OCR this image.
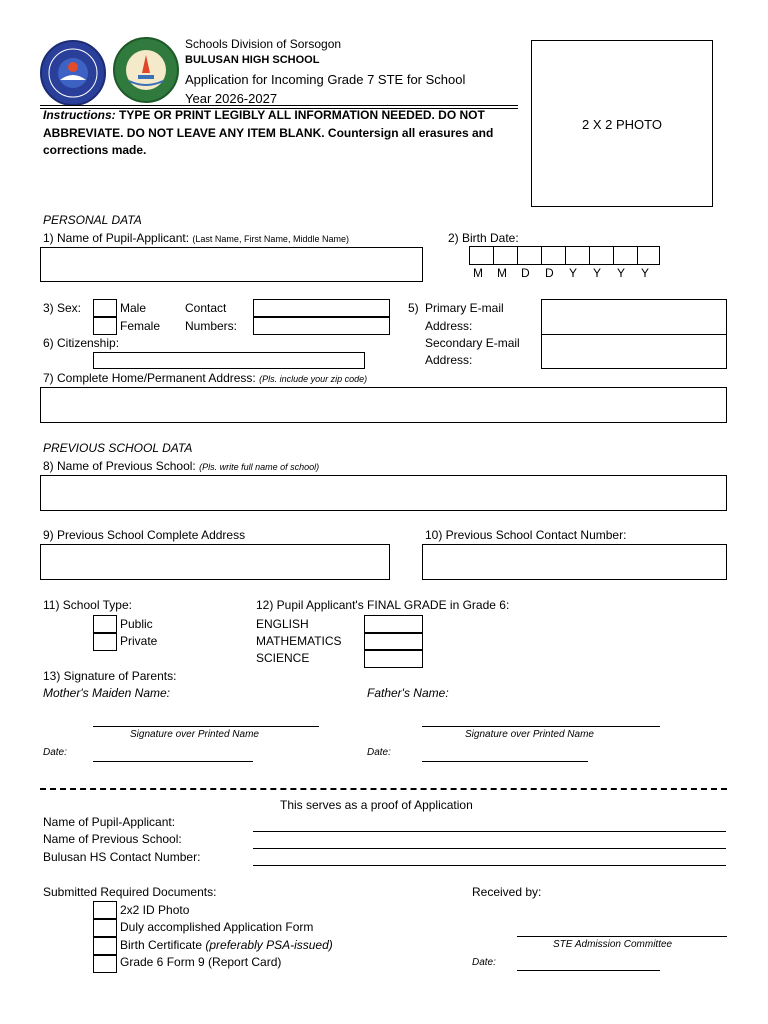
Schools Division of Sorsogon
BULUSAN HIGH SCHOOL
Application for Incoming Grade 7 STE for School
Year 2026-2027
Instructions: TYPE OR PRINT LEGIBLY ALL INFORMATION NEEDED. DO NOT
ABBREVIATE. DO NOT LEAVE ANY ITEM BLANK. Countersign all erasures and
corrections made.
2 X 2 PHOTO
PERSONAL DATA
1) Name of Pupil-Applicant: (Last Name, First Name, Middle Name)	2) Birth Date:
M M D D Y Y Y Y
3) Sex:	Male
Female
Contact
Numbers:
5) Primary E-mail
Address:
Secondary E-mail
Address:
6) Citizenship:
7) Complete Home/Permanent Address: (Pls. include your zip code)
PREVIOUS SCHOOL DATA
8) Name of Previous School: (Pls. write full name of school)
9) Previous School Complete Address	10) Previous School Contact Number:
11) School Type:
Public
Private
12) Pupil Applicant's FINAL GRADE in Grade 6:
ENGLISH
MATHEMATICS
SCIENCE
13) Signature of Parents:
Mother's Maiden Name:	Father's Name:
Signature over Printed Name	Signature over Printed Name
Date:	Date:
This serves as a proof of Application
Name of Pupil-Applicant:
Name of Previous School:
Bulusan HS Contact Number:
Submitted Required Documents:
2x2 ID Photo
Duly accomplished Application Form
Birth Certificate (preferably PSA-issued)
Grade 6 Form 9 (Report Card)
Received by:
STE Admission Committee
Date:
